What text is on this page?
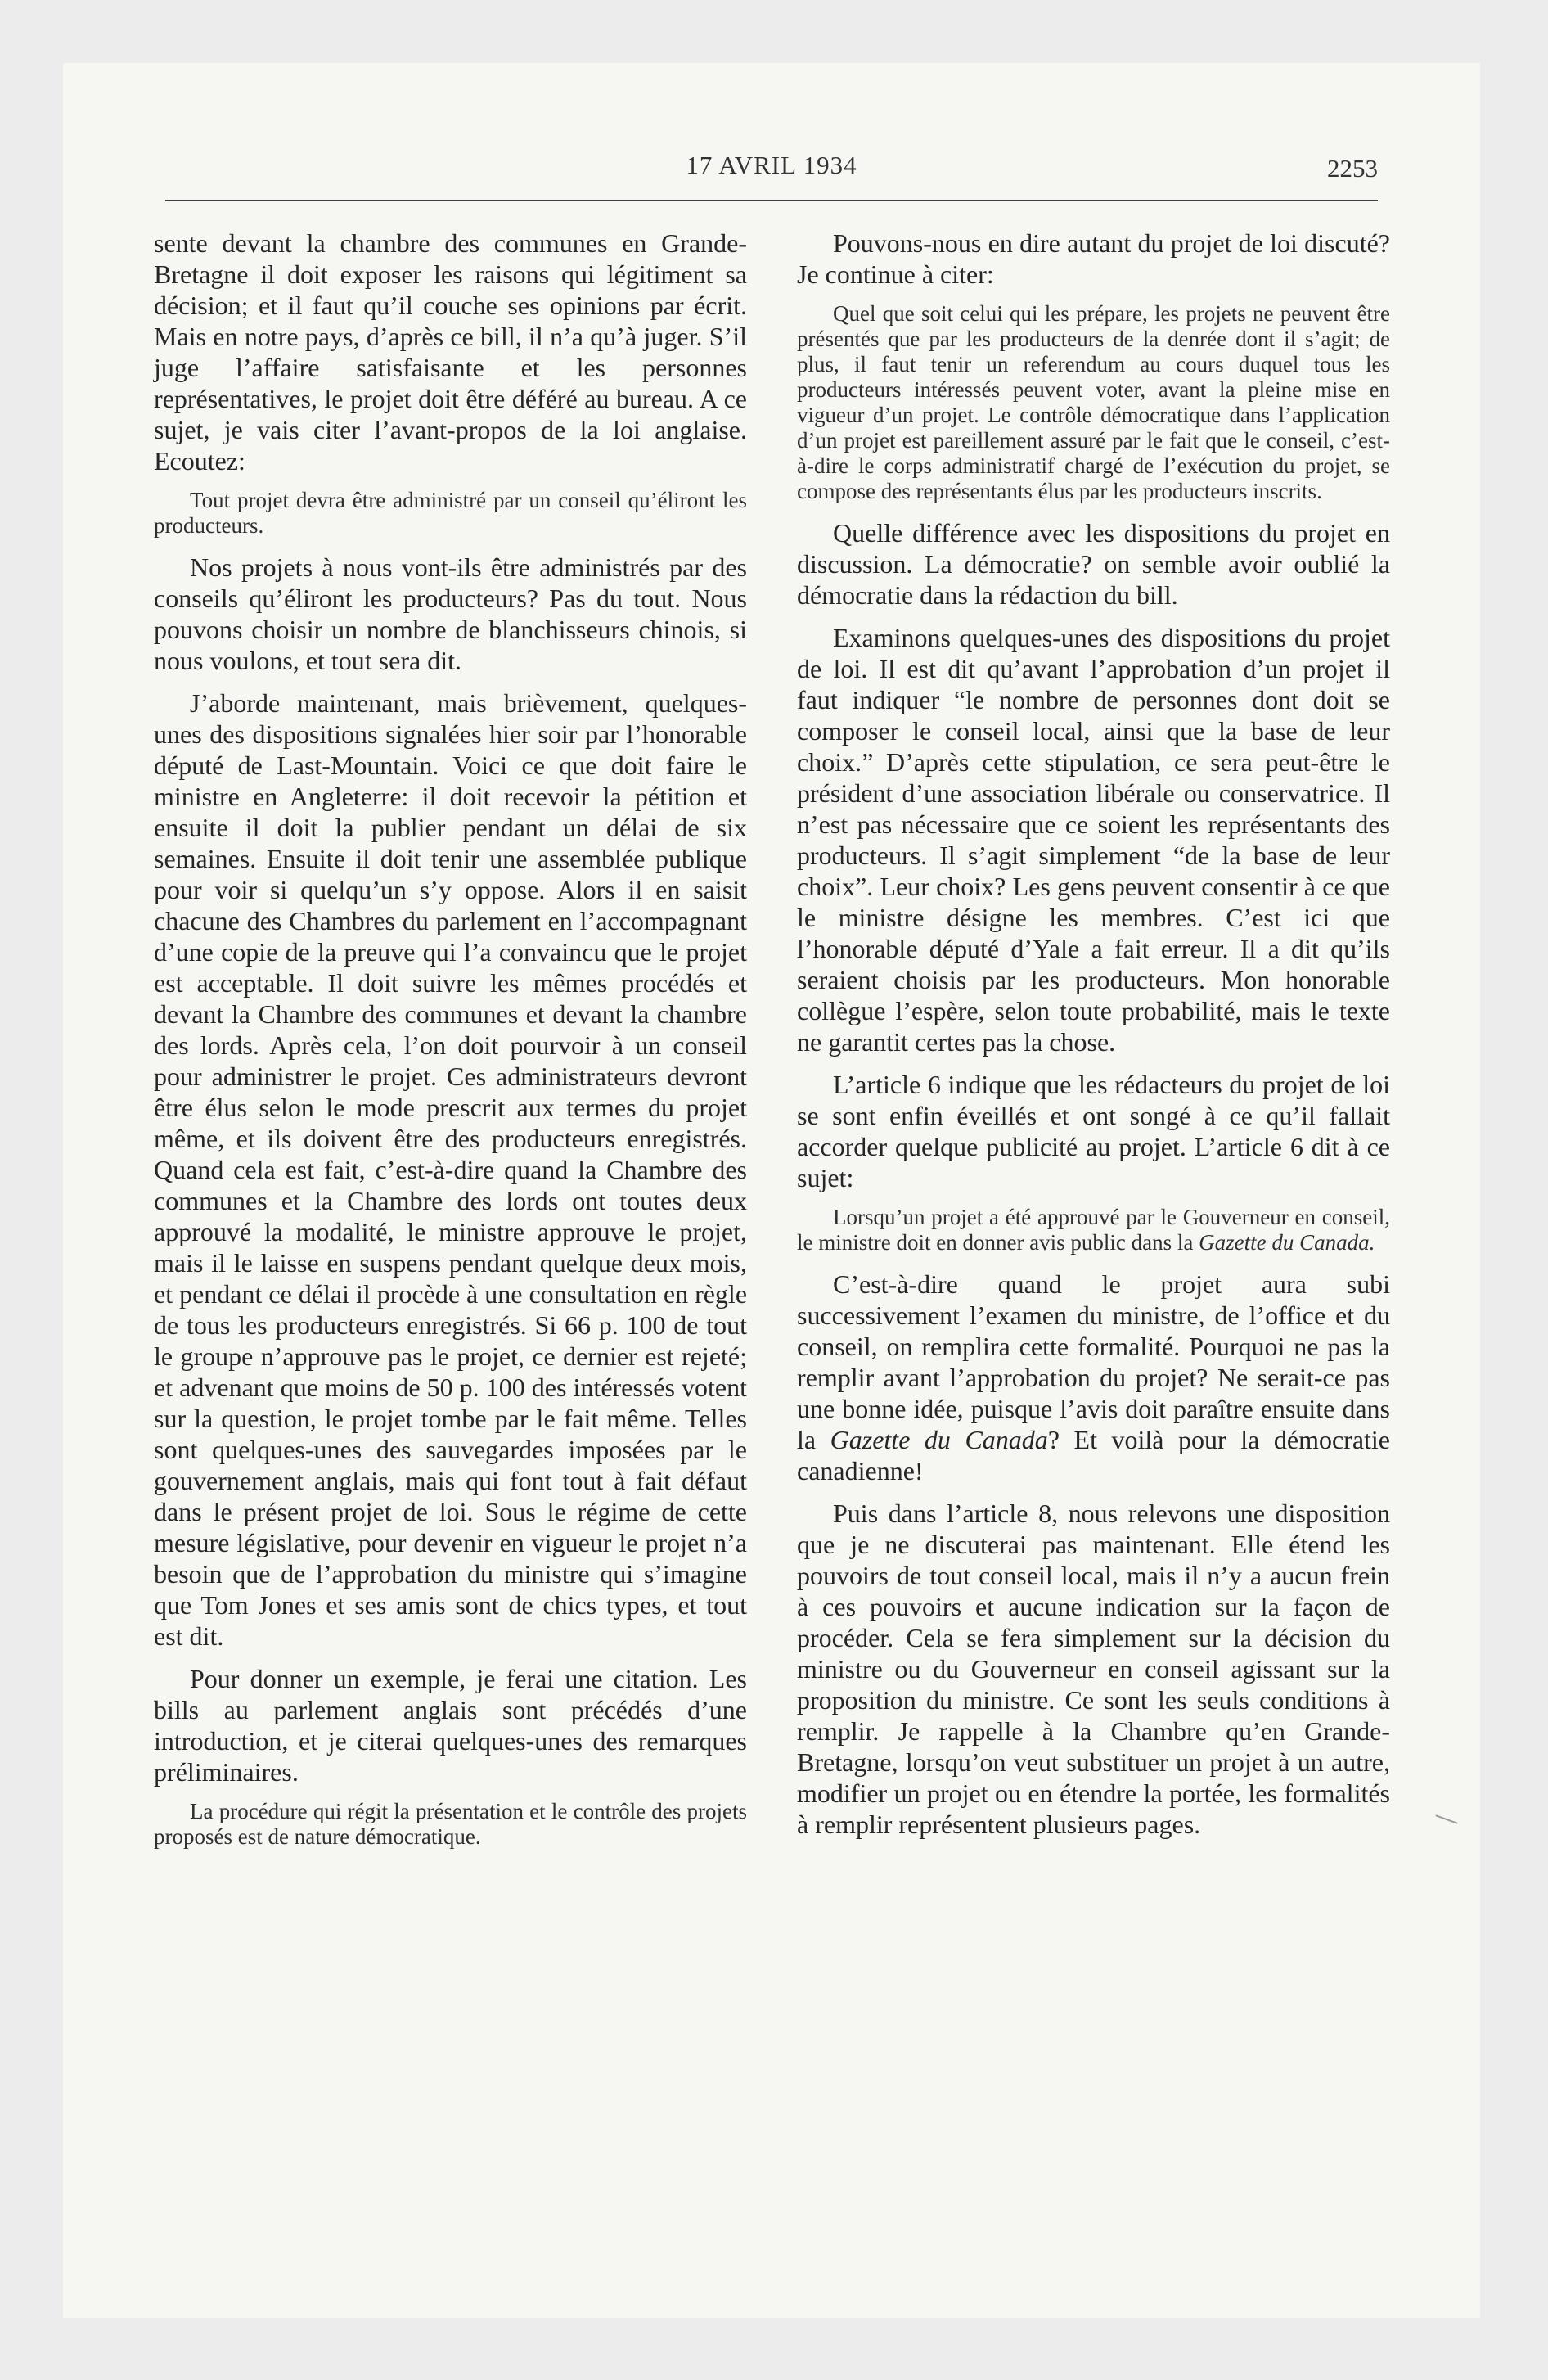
17 AVRIL 1934	2253

sente devant la chambre des communes en Grande-Bretagne il doit exposer les raisons qui légitiment sa décision; et il faut qu’il couche ses opinions par écrit. Mais en notre pays, d’après ce bill, il n’a qu’à juger. S’il juge l’affaire satisfaisante et les personnes représentatives, le projet doit être déféré au bureau. A ce sujet, je vais citer l’avant-propos de la loi anglaise. Ecoutez:

Tout projet devra être administré par un conseil qu’éliront les producteurs.

Nos projets à nous vont-ils être administrés par des conseils qu’éliront les producteurs? Pas du tout. Nous pouvons choisir un nombre de blanchisseurs chinois, si nous voulons, et tout sera dit.

J’aborde maintenant, mais brièvement, quelques-unes des dispositions signalées hier soir par l’honorable député de Last-Mountain. Voici ce que doit faire le ministre en Angleterre: il doit recevoir la pétition et ensuite il doit la publier pendant un délai de six semaines. Ensuite il doit tenir une assemblée publique pour voir si quelqu’un s’y oppose. Alors il en saisit chacune des Chambres du parlement en l’accompagnant d’une copie de la preuve qui l’a convaincu que le projet est acceptable. Il doit suivre les mêmes procédés et devant la Chambre des communes et devant la chambre des lords. Après cela, l’on doit pourvoir à un conseil pour administrer le projet. Ces administrateurs devront être élus selon le mode prescrit aux termes du projet même, et ils doivent être des producteurs enregistrés. Quand cela est fait, c’est-à-dire quand la Chambre des communes et la Chambre des lords ont toutes deux approuvé la modalité, le ministre approuve le projet, mais il le laisse en suspens pendant quelque deux mois, et pendant ce délai il procède à une consultation en règle de tous les producteurs enregistrés. Si 66 p. 100 de tout le groupe n’approuve pas le projet, ce dernier est rejeté; et advenant que moins de 50 p. 100 des intéressés votent sur la question, le projet tombe par le fait même. Telles sont quelques-unes des sauvegardes imposées par le gouvernement anglais, mais qui font tout à fait défaut dans le présent projet de loi. Sous le régime de cette mesure législative, pour devenir en vigueur le projet n’a besoin que de l’approbation du ministre qui s’imagine que Tom Jones et ses amis sont de chics types, et tout est dit.

Pour donner un exemple, je ferai une citation. Les bills au parlement anglais sont précédés d’une introduction, et je citerai quelques-unes des remarques préliminaires.

La procédure qui régit la présentation et le contrôle des projets proposés est de nature démocratique.

Pouvons-nous en dire autant du projet de loi discuté? Je continue à citer:

Quel que soit celui qui les prépare, les projets ne peuvent être présentés que par les producteurs de la denrée dont il s’agit; de plus, il faut tenir un referendum au cours duquel tous les producteurs intéressés peuvent voter, avant la pleine mise en vigueur d’un projet. Le contrôle démocratique dans l’application d’un projet est pareillement assuré par le fait que le conseil, c’est-à-dire le corps administratif chargé de l’exécution du projet, se compose des représentants élus par les producteurs inscrits.

Quelle différence avec les dispositions du projet en discussion. La démocratie? on semble avoir oublié la démocratie dans la rédaction du bill.

Examinons quelques-unes des dispositions du projet de loi. Il est dit qu’avant l’approbation d’un projet il faut indiquer “le nombre de personnes dont doit se composer le conseil local, ainsi que la base de leur choix.” D’après cette stipulation, ce sera peut-être le président d’une association libérale ou conservatrice. Il n’est pas nécessaire que ce soient les représentants des producteurs. Il s’agit simplement “de la base de leur choix”. Leur choix? Les gens peuvent consentir à ce que le ministre désigne les membres. C’est ici que l’honorable député d’Yale a fait erreur. Il a dit qu’ils seraient choisis par les producteurs. Mon honorable collègue l’espère, selon toute probabilité, mais le texte ne garantit certes pas la chose.

L’article 6 indique que les rédacteurs du projet de loi se sont enfin éveillés et ont songé à ce qu’il fallait accorder quelque publicité au projet. L’article 6 dit à ce sujet:

Lorsqu’un projet a été approuvé par le Gouverneur en conseil, le ministre doit en donner avis public dans la Gazette du Canada.

C’est-à-dire quand le projet aura subi successivement l’examen du ministre, de l’office et du conseil, on remplira cette formalité. Pourquoi ne pas la remplir avant l’approbation du projet? Ne serait-ce pas une bonne idée, puisque l’avis doit paraître ensuite dans la Gazette du Canada? Et voilà pour la démocratie canadienne!

Puis dans l’article 8, nous relevons une disposition que je ne discuterai pas maintenant. Elle étend les pouvoirs de tout conseil local, mais il n’y a aucun frein à ces pouvoirs et aucune indication sur la façon de procéder. Cela se fera simplement sur la décision du ministre ou du Gouverneur en conseil agissant sur la proposition du ministre. Ce sont les seuls conditions à remplir. Je rappelle à la Chambre qu’en Grande-Bretagne, lorsqu’on veut substituer un projet à un autre, modifier un projet ou en étendre la portée, les formalités à remplir représentent plusieurs pages.
